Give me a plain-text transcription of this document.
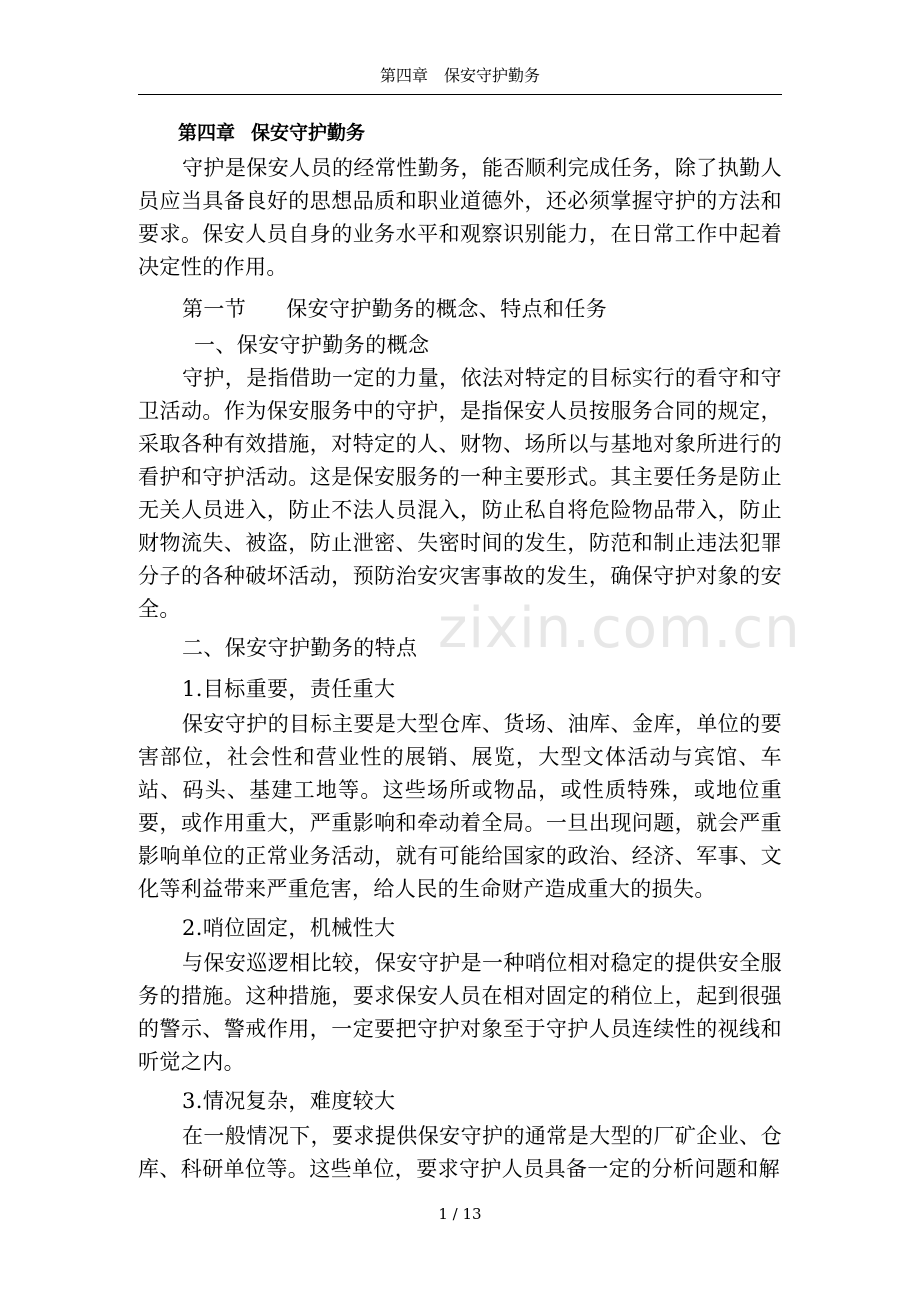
第四章 保安守护勤务
第四章 保安守护勤务

守护是保安人员的经常性勤务，能否顺利完成任务，除了执勤人员应当具备良好的思想品质和职业道德外，还必须掌握守护的方法和要求。保安人员自身的业务水平和观察识别能力，在日常工作中起着决定性的作用。

第一节 保安守护勤务的概念、特点和任务
一、保安守护勤务的概念

守护，是指借助一定的力量，依法对特定的目标实行的看守和守卫活动。作为保安服务中的守护，是指保安人员按服务合同的规定，采取各种有效措施，对特定的人、财物、场所以与基地对象所进行的看护和守护活动。这是保安服务的一种主要形式。其主要任务是防止无关人员进入，防止不法人员混入，防止私自将危险物品带入，防止财物流失、被盗，防止泄密、失密时间的发生，防范和制止违法犯罪分子的各种破坏活动，预防治安灾害事故的发生，确保守护对象的安全。

二、保安守护勤务的特点
1.目标重要，责任重大

保安守护的目标主要是大型仓库、货场、油库、金库，单位的要害部位，社会性和营业性的展销、展览，大型文体活动与宾馆、车站、码头、基建工地等。这些场所或物品，或性质特殊，或地位重要，或作用重大，严重影响和牵动着全局。一旦出现问题，就会严重影响单位的正常业务活动，就有可能给国家的政治、经济、军事、文化等利益带来严重危害，给人民的生命财产造成重大的损失。

2.哨位固定，机械性大

与保安巡逻相比较，保安守护是一种哨位相对稳定的提供安全服务的措施。这种措施，要求保安人员在相对固定的稍位上，起到很强的警示、警戒作用，一定要把守护对象至于守护人员连续性的视线和听觉之内。

3.情况复杂，难度较大

在一般情况下，要求提供保安守护的通常是大型的厂矿企业、仓库、科研单位等。这些单位，要求守护人员具备一定的分析问题和解

zixin.com.cn
1 / 13
